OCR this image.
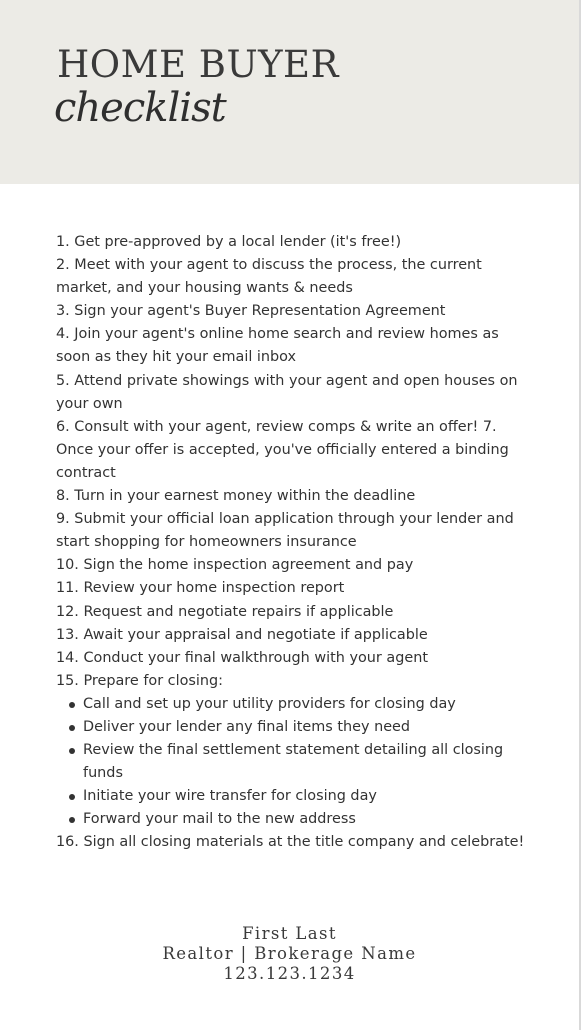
HOME BUYER
checklist

1. Get pre-approved by a local lender (it's free!)

2. Meet with your agent to discuss the process, the current market, and your housing wants & needs

3. Sign your agent's Buyer Representation Agreement

4. Join your agent's online home search and review homes as soon as they hit your email inbox

5. Attend private showings with your agent and open houses on your own

6. Consult with your agent, review comps & write an offer! 7. Once your offer is accepted, you've officially entered a binding contract

8. Turn in your earnest money within the deadline

9. Submit your official loan application through your lender and start shopping for homeowners insurance

10. Sign the home inspection agreement and pay

11. Review your home inspection report

12. Request and negotiate repairs if applicable

13. Await your appraisal and negotiate if applicable

14. Conduct your final walkthrough with your agent

15. Prepare for closing:

Call and set up your utility providers for closing day
Deliver your lender any final items they need
Review the final settlement statement detailing all closing funds
Initiate your wire transfer for closing day
Forward your mail to the new address

16. Sign all closing materials at the title company and celebrate!

First Last
Realtor | Brokerage Name
123.123.1234
